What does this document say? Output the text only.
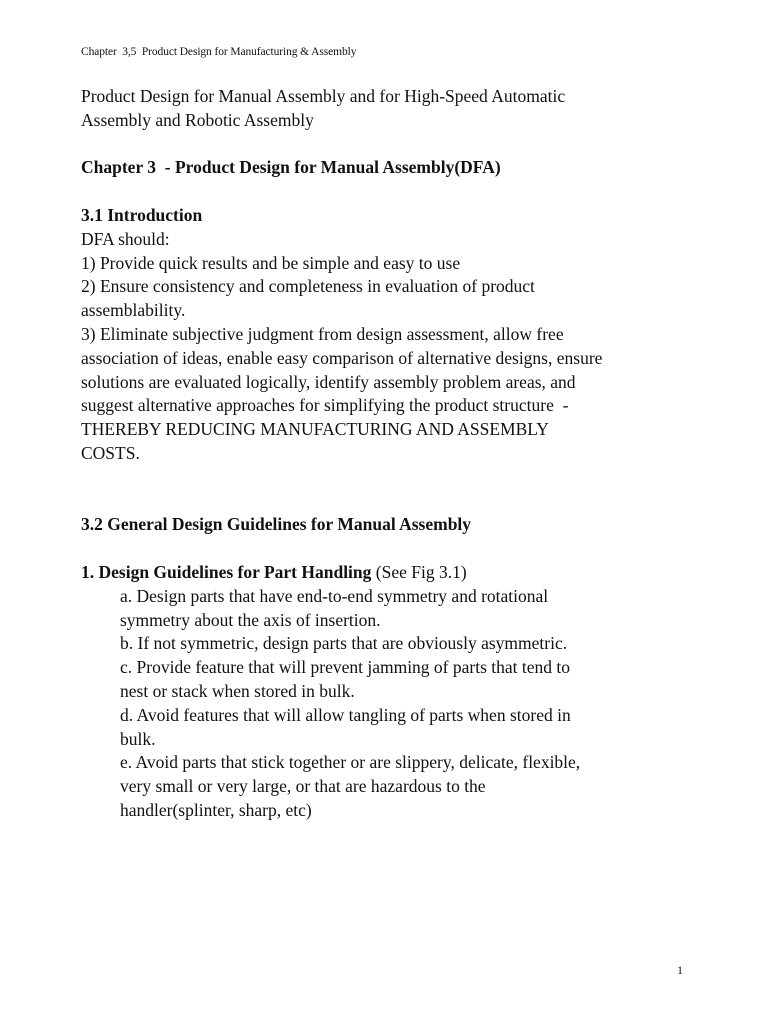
Chapter  3,5  Product Design for Manufacturing & Assembly
Product Design for Manual Assembly and for High-Speed Automatic
Assembly and Robotic Assembly
Chapter 3  - Product Design for Manual Assembly(DFA)
3.1 Introduction
DFA should:
1) Provide quick results and be simple and easy to use
2) Ensure consistency and completeness in evaluation of product
assemblability.
3) Eliminate subjective judgment from design assessment, allow free
association of ideas, enable easy comparison of alternative designs, ensure
solutions are evaluated logically, identify assembly problem areas, and
suggest alternative approaches for simplifying the product structure  -
THEREBY REDUCING MANUFACTURING AND ASSEMBLY
COSTS.
3.2 General Design Guidelines for Manual Assembly
1. Design Guidelines for Part Handling (See Fig 3.1)
a. Design parts that have end-to-end symmetry and rotational
symmetry about the axis of insertion.
b. If not symmetric, design parts that are obviously asymmetric.
c. Provide feature that will prevent jamming of parts that tend to
nest or stack when stored in bulk.
d. Avoid features that will allow tangling of parts when stored in
bulk.
e. Avoid parts that stick together or are slippery, delicate, flexible,
very small or very large, or that are hazardous to the
handler(splinter, sharp, etc)
1
